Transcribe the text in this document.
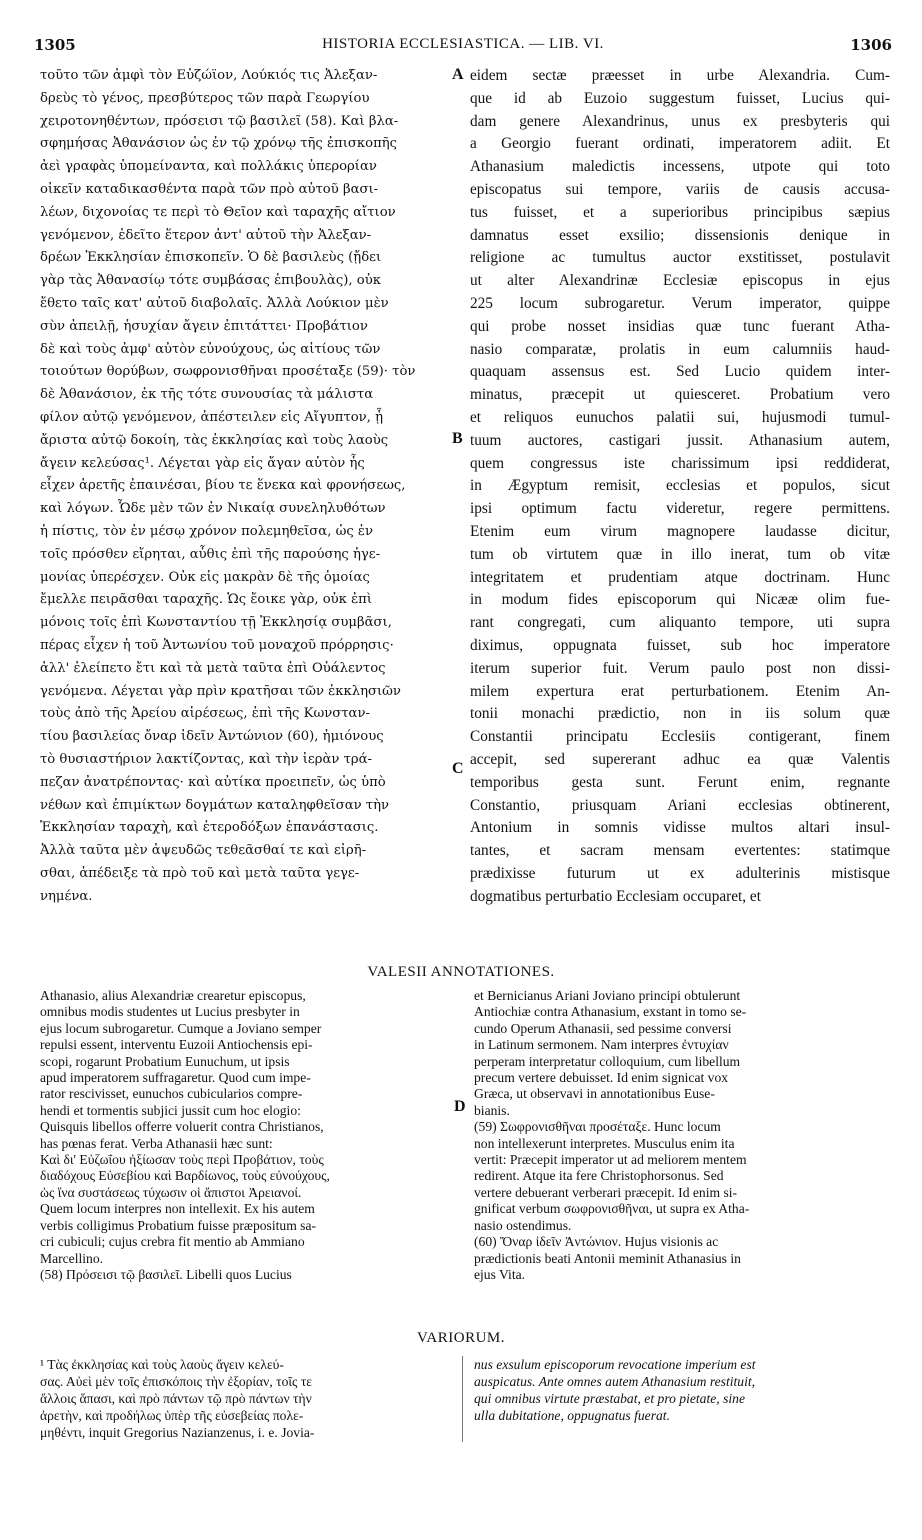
1305	HISTORIA ECCLESIASTICA. — LIB. VI.	1306
τοῦτο τῶν ἀμφὶ τὸν Εὐζώϊον, Λούκιός τις Ἀλεξαν-
δρεὺς τὸ γένος, πρεσβύτερος τῶν παρὰ Γεωργίου
χειροτονηθέντων, πρόσεισι τῷ βασιλεῖ (58). Καὶ βλα-
σφημήσας Ἀθανάσιον ὡς ἐν τῷ χρόνῳ τῆς ἐπισκοπῆς
ἀεὶ γραφὰς ὑπομείναντα, καὶ πολλάκις ὑπερορίαν
οἰκεῖν καταδικασθέντα παρὰ τῶν πρὸ αὐτοῦ βασι-
λέων, διχονοίας τε περὶ τὸ Θεῖον καὶ ταραχῆς αἴτιον
γενόμενον, ἐδεῖτο ἕτερον ἀντ' αὐτοῦ τὴν Ἀλεξαν-
δρέων Ἐκκλησίαν ἐπισκοπεῖν. Ὁ δὲ βασιλεὺς (ᾔδει
γὰρ τὰς Ἀθανασίῳ τότε συμβάσας ἐπιβουλὰς), οὐκ
ἔθετο ταῖς κατ' αὐτοῦ διαβολαῖς. Ἀλλὰ Λούκιον μὲν
σὺν ἀπειλῇ, ἡσυχίαν ἄγειν ἐπιτάττει· Προβάτιον
δὲ καὶ τοὺς ἀμφ' αὐτὸν εὐνούχους, ὡς αἰτίους τῶν
τοιούτων θορύβων, σωφρονισθῆναι προσέταξε (59)· τὸν
δὲ Ἀθανάσιον, ἐκ τῆς τότε συνουσίας τὰ μάλιστα
φίλον αὐτῷ γενόμενον, ἀπέστειλεν εἰς Αἴγυπτον, ᾗ
ἄριστα αὐτῷ δοκοίη, τὰς ἐκκλησίας καὶ τοὺς λαοὺς
ἄγειν κελεύσας¹. Λέγεται γὰρ εἰς ἄγαν αὐτὸν ἧς
εἶχεν ἀρετῆς ἐπαινέσαι, βίου τε ἕνεκα καὶ φρονήσεως,
καὶ λόγων. Ὧδε μὲν τῶν ἐν Νικαίᾳ συνεληλυθότων
ἡ πίστις, τὸν ἐν μέσῳ χρόνον πολεμηθεῖσα, ὡς ἐν
τοῖς πρόσθεν εἴρηται, αὖθις ἐπὶ τῆς παρούσης ἡγε-
μονίας ὑπερέσχεν. Οὐκ εἰς μακρὰν δὲ τῆς ὁμοίας
ἔμελλε πειρᾶσθαι ταραχῆς. Ὡς ἔοικε γὰρ, οὐκ ἐπὶ
μόνοις τοῖς ἐπὶ Κωνσταντίου τῇ Ἐκκλησίᾳ συμβᾶσι,
πέρας εἶχεν ἡ τοῦ Ἀντωνίου τοῦ μοναχοῦ πρόρρησις·
ἀλλ' ἐλείπετο ἔτι καὶ τὰ μετὰ ταῦτα ἐπὶ Οὐάλεντος
γενόμενα. Λέγεται γὰρ πρὶν κρατῆσαι τῶν ἐκκλησιῶν
τοὺς ἀπὸ τῆς Ἀρείου αἱρέσεως, ἐπὶ τῆς Κωνσταν-
τίου βασιλείας ὄναρ ἰδεῖν Ἀντώνιον (60), ἡμιόνους
τὸ θυσιαστήριον λακτίζοντας, καὶ τὴν ἱερὰν τρά-
πεζαν ἀνατρέποντας· καὶ αὐτίκα προειπεῖν, ὡς ὑπὸ
νέθων καὶ ἐπιμίκτων δογμάτων καταληφθεῖσαν τὴν
Ἐκκλησίαν ταραχὴ, καὶ ἑτεροδόξων ἐπανάστασις.
Ἀλλὰ ταῦτα μὲν ἀψευδῶς τεθεᾶσθαί τε καὶ εἰρῆ-
σθαι, ἀπέδειξε τὰ πρὸ τοῦ καὶ μετὰ ταῦτα γεγε-
νημένα.
eidem sectæ præesset in urbe Alexandria. Cum-
que id ab Euzoio suggestum fuisset, Lucius qui-
dam genere Alexandrinus, unus ex presbyteris qui
a Georgio fuerant ordinati, imperatorem adiit. Et
Athanasium maledictis incessens, utpote qui toto
episcopatus sui tempore, variis de causis accusa-
tus fuisset, et a superioribus principibus sæpius
damnatus esset exsilio; dissensionis denique in
religione ac tumultus auctor exstitisset, postulavit
ut alter Alexandrinæ Ecclesiæ episcopus in ejus
225 locum subrogaretur. Verum imperator, quippe
qui probe nosset insidias quæ tunc fuerant Atha-
nasio comparatæ, prolatis in eum calumniis haud-
quaquam assensus est. Sed Lucio quidem inter-
minatus, præcepit ut quiesceret. Probatium vero
et reliquos eunuchos palatii sui, hujusmodi tumul-
tuum auctores, castigari jussit. Athanasium autem,
quem congressus iste charissimum ipsi reddiderat,
in Ægyptum remisit, ecclesias et populos, sicut
ipsi optimum factu videretur, regere permittens.
Etenim eum virum magnopere laudasse dicitur,
tum ob virtutem quæ in illo inerat, tum ob vitæ
integritatem et prudentiam atque doctrinam. Hunc
in modum fides episcoporum qui Nicææ olim fue-
rant congregati, cum aliquanto tempore, uti supra
diximus, oppugnata fuisset, sub hoc imperatore
iterum superior fuit. Verum paulo post non dissi-
milem expertura erat perturbationem. Etenim An-
tonii monachi prædictio, non in iis solum quæ
Constantii principatu Ecclesiis contigerant, finem
accepit, sed supererant adhuc ea quæ Valentis
temporibus gesta sunt. Ferunt enim, regnante
Constantio, priusquam Ariani ecclesias obtinerent,
Antonium in somnis vidisse multos altari insul-
tantes, et sacram mensam evertentes: statimque
prædixisse futurum ut ex adulterinis mistisque
dogmatibus perturbatio Ecclesiam occuparet, et
A
B
C
D
VALESII ANNOTATIONES.
Athanasio, alius Alexandriæ crearetur episcopus,
omnibus modis studentes ut Lucius presbyter in
ejus locum subrogaretur. Cumque a Joviano semper
repulsi essent, interventu Euzoii Antiochensis epi-
scopi, rogarunt Probatium Eunuchum, ut ipsis
apud imperatorem suffragaretur. Quod cum impe-
rator rescivisset, eunuchos cubicularios compre-
hendi et tormentis subjici jussit cum hoc elogio:
Quisquis libellos offerre voluerit contra Christianos,
has pœnas ferat. Verba Athanasii hæc sunt:
Καὶ δι' Εὐζωΐου ἠξίωσαν τοὺς περὶ Προβάτιον, τοὺς
διαδόχους Εὐσεβίου καὶ Βαρδίωνος, τοὺς εὐνούχους,
ὡς ἵνα συστάσεως τύχωσιν οἱ ἄπιστοι Ἀρειανοί.
Quem locum interpres non intellexit. Ex his autem
verbis colligimus Probatium fuisse præpositum sa-
cri cubiculi; cujus crebra fit mentio ab Ammiano
Marcellino.
(58) Πρόσεισι τῷ βασιλεῖ. Libelli quos Lucius
et Bernicianus Ariani Joviano principi obtulerunt
Antiochiæ contra Athanasium, exstant in tomo se-
cundo Operum Athanasii, sed pessime conversi
in Latinum sermonem. Nam interpres ἐντυχίαν
perperam interpretatur colloquium, cum libellum
precum vertere debuisset. Id enim signicat vox
Græca, ut observavi in annotationibus Euse-
bianis.
(59) Σωφρονισθῆναι προσέταξε. Hunc locum
non intellexerunt interpretes. Musculus enim ita
vertit: Præcepit imperator ut ad meliorem mentem
redirent. Atque ita fere Christophorsonus. Sed
vertere debuerant verberari præcepit. Id enim si-
gnificat verbum σωφρονισθῆναι, ut supra ex Atha-
nasio ostendimus.
(60) Ὄναρ ἰδεῖν Ἀντώνιον. Hujus visionis ac
prædictionis beati Antonii meminit Athanasius in
ejus Vita.
VARIORUM.
¹ Τὰς ἐκκλησίας καὶ τοὺς λαοὺς ἄγειν κελεύ-
σας. Αὐεὶ μὲν τοῖς ἐπισκόποις τὴν ἐξορίαν, τοῖς τε
ἄλλοις ἅπασι, καὶ πρὸ πάντων τῷ πρὸ πάντων τὴν
ἀρετὴν, καὶ προδήλως ὑπὲρ τῆς εὐσεβείας πολε-
μηθέντι, inquit Gregorius Nazianzenus, i. e. Jovia-
nus exsulum episcoporum revocatione imperium est
auspicatus. Ante omnes autem Athanasium restituit,
qui omnibus virtute præstabat, et pro pietate, sine
ulla dubitatione, oppugnatus fuerat.
